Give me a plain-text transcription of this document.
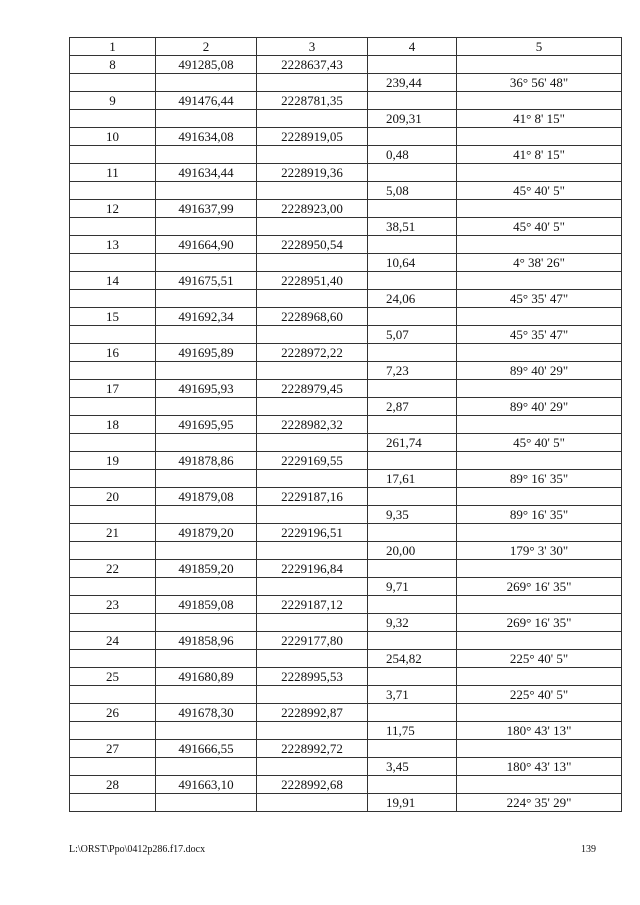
1	2	3	4	5
8	491285,08	2228637,43		
			239,44	36° 56' 48"
9	491476,44	2228781,35		
			209,31	41° 8' 15"
10	491634,08	2228919,05		
			0,48	41° 8' 15"
11	491634,44	2228919,36		
			5,08	45° 40' 5"
12	491637,99	2228923,00		
			38,51	45° 40' 5"
13	491664,90	2228950,54		
			10,64	4° 38' 26"
14	491675,51	2228951,40		
			24,06	45° 35' 47"
15	491692,34	2228968,60		
			5,07	45° 35' 47"
16	491695,89	2228972,22		
			7,23	89° 40' 29"
17	491695,93	2228979,45		
			2,87	89° 40' 29"
18	491695,95	2228982,32		
			261,74	45° 40' 5"
19	491878,86	2229169,55		
			17,61	89° 16' 35"
20	491879,08	2229187,16		
			9,35	89° 16' 35"
21	491879,20	2229196,51		
			20,00	179° 3' 30"
22	491859,20	2229196,84		
			9,71	269° 16' 35"
23	491859,08	2229187,12		
			9,32	269° 16' 35"
24	491858,96	2229177,80		
			254,82	225° 40' 5"
25	491680,89	2228995,53		
			3,71	225° 40' 5"
26	491678,30	2228992,87		
			11,75	180° 43' 13"
27	491666,55	2228992,72		
			3,45	180° 43' 13"
28	491663,10	2228992,68		
			19,91	224° 35' 29"
L:\ORST\Ppo\0412p286.f17.docx	139
